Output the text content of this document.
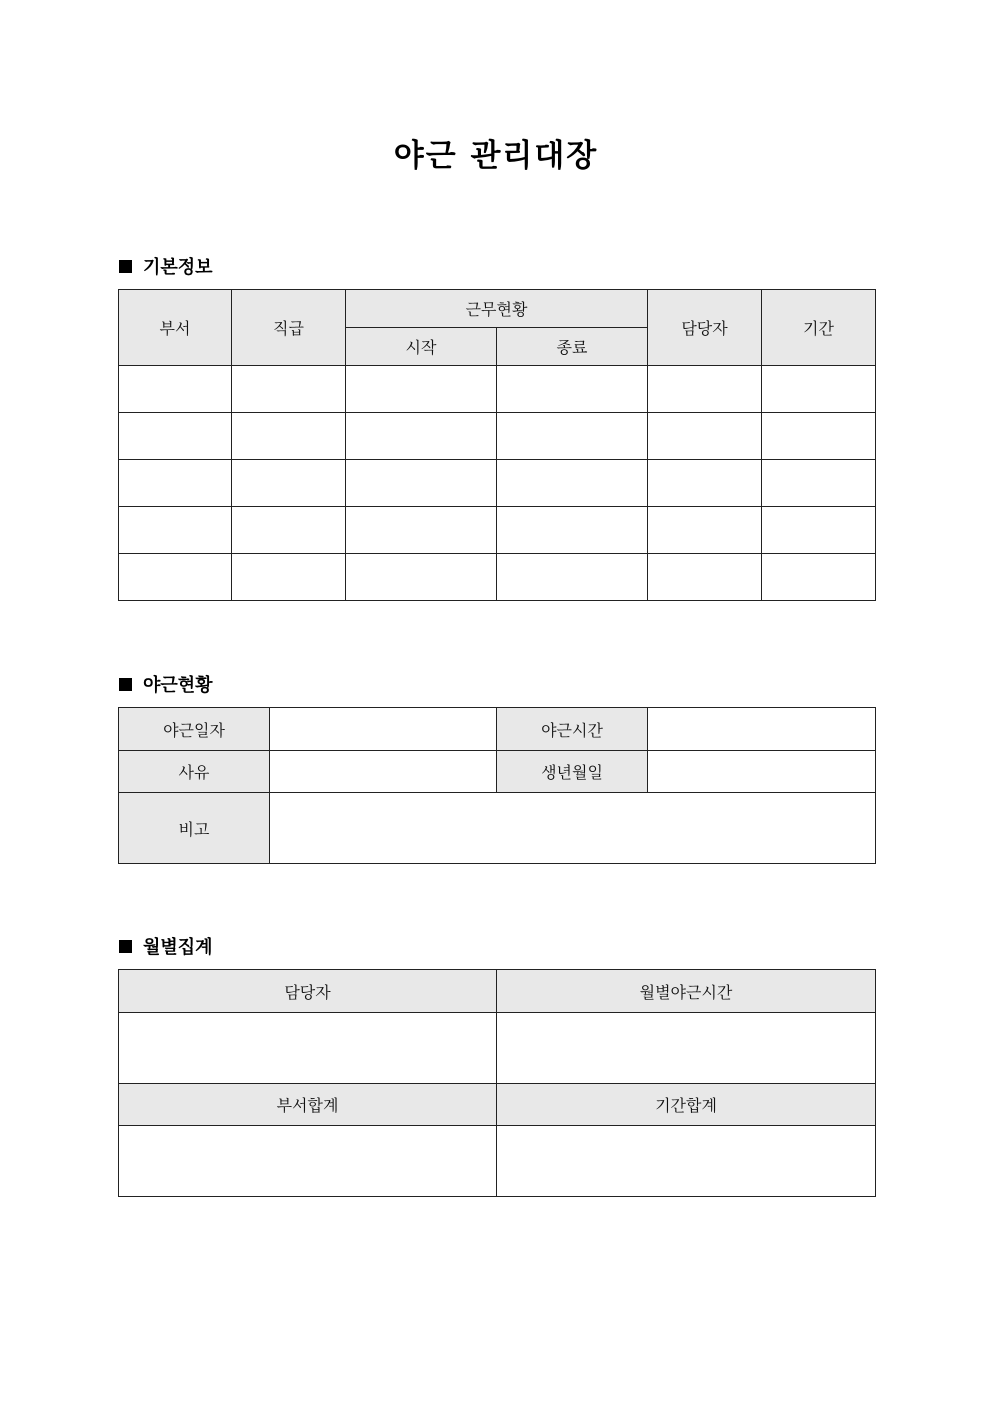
야근 관리대장
기본정보
부서	직급	근무현황		담당자	기간
		시작	종료		

야근현황
야근일자		야근시간	
사유		생년월일	
비고			
월별집계
담당자	월별야근시간

부서합계	기간합계
